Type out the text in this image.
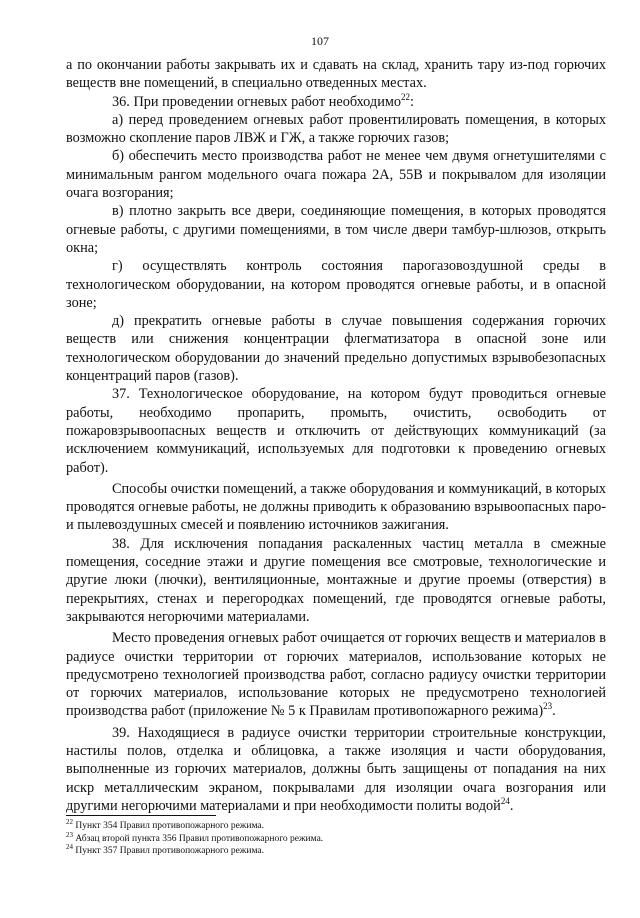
107

а по окончании работы закрывать их и сдавать на склад, хранить тару из-под горючих веществ вне помещений, в специально отведенных местах.

36. При проведении огневых работ необходимо$^{22}$:

а) перед проведением огневых работ провентилировать помещения, в которых возможно скопление паров ЛВЖ и ГЖ, а также горючих газов;

б) обеспечить место производства работ не менее чем двумя огнетушителями с минимальным рангом модельного очага пожара 2А, 55В и покрывалом для изоляции очага возгорания;

в) плотно закрыть все двери, соединяющие помещения, в которых проводятся огневые работы, с другими помещениями, в том числе двери тамбур-шлюзов, открыть окна;

г) осуществлять контроль состояния парогазовоздушной среды в технологическом оборудовании, на котором проводятся огневые работы, и в опасной зоне;

д) прекратить огневые работы в случае повышения содержания горючих веществ или снижения концентрации флегматизатора в опасной зоне или технологическом оборудовании до значений предельно допустимых взрывобезопасных концентраций паров (газов).

37. Технологическое оборудование, на котором будут проводиться огневые работы, необходимо пропарить, промыть, очистить, освободить от пожаровзрывоопасных веществ и отключить от действующих коммуникаций (за исключением коммуникаций, используемых для подготовки к проведению огневых работ).

Способы очистки помещений, а также оборудования и коммуникаций, в которых проводятся огневые работы, не должны приводить к образованию взрывоопасных паро- и пылевоздушных смесей и появлению источников зажигания.

38. Для исключения попадания раскаленных частиц металла в смежные помещения, соседние этажи и другие помещения все смотровые, технологические и другие люки (лючки), вентиляционные, монтажные и другие проемы (отверстия) в перекрытиях, стенах и перегородках помещений, где проводятся огневые работы, закрываются негорючими материалами.

Место проведения огневых работ очищается от горючих веществ и материалов в радиусе очистки территории от горючих материалов, использование которых не предусмотрено технологией производства работ, согласно радиусу очистки территории от горючих материалов, использование которых не предусмотрено технологией производства работ (приложение № 5 к Правилам противопожарного режима)$^{23}$.

39. Находящиеся в радиусе очистки территории строительные конструкции, настилы полов, отделка и облицовка, а также изоляция и части оборудования, выполненные из горючих материалов, должны быть защищены от попадания на них искр металлическим экраном, покрывалами для изоляции очага возгорания или другими негорючими материалами и при необходимости политы водой$^{24}$.

$^{22}$ Пункт 354 Правил противопожарного режима.

$^{23}$ Абзац второй пункта 356 Правил противопожарного режима.

$^{24}$ Пункт 357 Правил противопожарного режима.
